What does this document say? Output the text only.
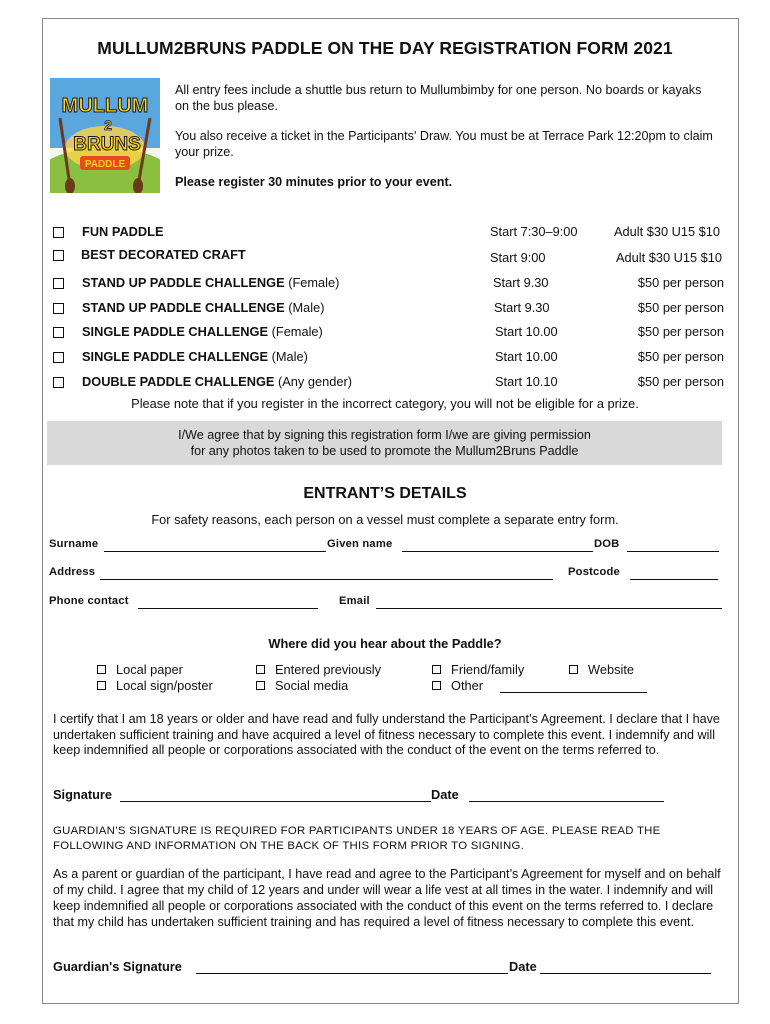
MULLUM2BRUNS PADDLE ON THE DAY REGISTRATION FORM 2021
MULLUM
2
BRUNS
PADDLE

All entry fees include a shuttle bus return to Mullumbimby for one person. No boards or kayaks on the bus please.

You also receive a ticket in the Participants' Draw. You must be at Terrace Park 12:20pm to claim your prize.

Please register 30 minutes prior to your event.

FUN PADDLE	Start 7:30–9:00	Adult $30 U15 $10
BEST DECORATED CRAFT	Start 9:00	Adult $30 U15 $10
STAND UP PADDLE CHALLENGE (Female)	Start 9.30	$50 per person
STAND UP PADDLE CHALLENGE (Male)	Start 9.30	$50 per person
SINGLE PADDLE CHALLENGE (Female)	Start 10.00	$50 per person
SINGLE PADDLE CHALLENGE (Male)	Start 10.00	$50 per person
DOUBLE PADDLE CHALLENGE (Any gender)	Start 10.10	$50 per person
Please note that if you register in the incorrect category, you will not be eligible for a prize.
I/We agree that by signing this registration form I/we are giving permission
for any photos taken to be used to promote the Mullum2Bruns Paddle
ENTRANT’S DETAILS
For safety reasons, each person on a vessel must complete a separate entry form.
Surname	Given name	DOB
Address	Postcode
Phone contact	Email
Where did you hear about the Paddle?
Local paper
Local sign/poster
Entered previously
Social media
Friend/family
Other
Website
I certify that I am 18 years or older and have read and fully understand the Participant’s Agreement. I declare that I have undertaken sufficient training and have acquired a level of fitness necessary to complete this event. I indemnify and will keep indemnified all people or corporations associated with the conduct of the event on the terms referred to.
Signature	Date
GUARDIAN’S SIGNATURE IS REQUIRED FOR PARTICIPANTS UNDER 18 YEARS OF AGE. PLEASE READ THE FOLLOWING AND INFORMATION ON THE BACK OF THIS FORM PRIOR TO SIGNING.
As a parent or guardian of the participant, I have read and agree to the Participant’s Agreement for myself and on behalf of my child. I agree that my child of 12 years and under will wear a life vest at all times in the water. I indemnify and will keep indemnified all people or corporations associated with the conduct of this event on the terms referred to. I declare that my child has undertaken sufficient training and has required a level of fitness necessary to complete this event.
Guardian's Signature	Date
